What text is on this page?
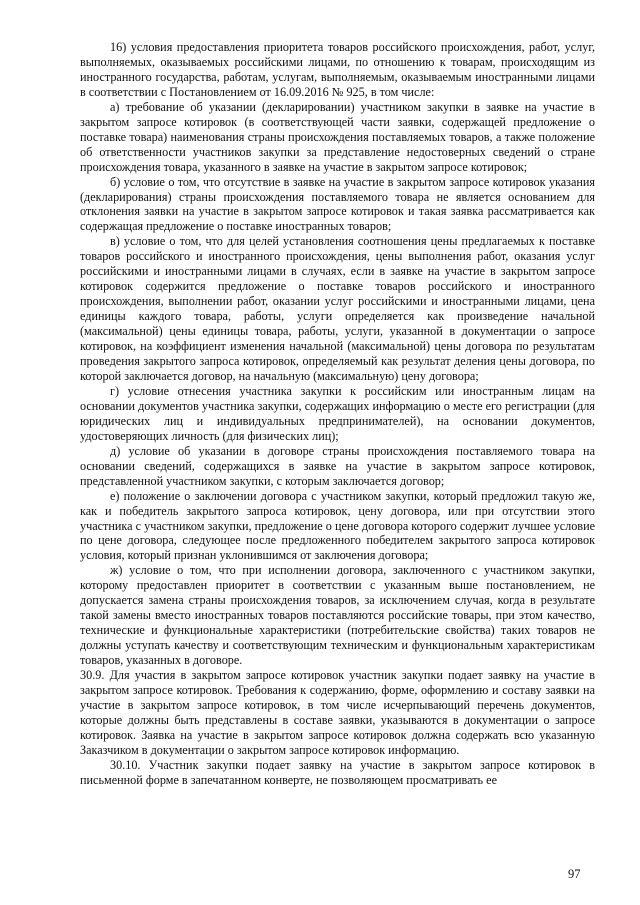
16) условия предоставления приоритета товаров российского происхождения, работ, услуг, выполняемых, оказываемых российскими лицами, по отношению к товарам, происходящим из иностранного государства, работам, услугам, выполняемым, оказываемым иностранными лицами в соответствии с Постановлением от 16.09.2016 № 925, в том числе:

а) требование об указании (декларировании) участником закупки в заявке на участие в закрытом запросе котировок (в соответствующей части заявки, содержащей предложение о поставке товара) наименования страны происхождения поставляемых товаров, а также положение об ответственности участников закупки за представление недостоверных сведений о стране происхождения товара, указанного в заявке на участие в закрытом запросе котировок;

б) условие о том, что отсутствие в заявке на участие в закрытом запросе котировок указания (декларирования) страны происхождения поставляемого товара не является основанием для отклонения заявки на участие в закрытом запросе котировок и такая заявка рассматривается как содержащая предложение о поставке иностранных товаров;

в) условие о том, что для целей установления соотношения цены предлагаемых к поставке товаров российского и иностранного происхождения, цены выполнения работ, оказания услуг российскими и иностранными лицами в случаях, если в заявке на участие в закрытом запросе котировок содержится предложение о поставке товаров российского и иностранного происхождения, выполнении работ, оказании услуг российскими и иностранными лицами, цена единицы каждого товара, работы, услуги определяется как произведение начальной (максимальной) цены единицы товара, работы, услуги, указанной в документации о запросе котировок, на коэффициент изменения начальной (максимальной) цены договора по результатам проведения закрытого запроса котировок, определяемый как результат деления цены договора, по которой заключается договор, на начальную (максимальную) цену договора;

г) условие отнесения участника закупки к российским или иностранным лицам на основании документов участника закупки, содержащих информацию о месте его регистрации (для юридических лиц и индивидуальных предпринимателей), на основании документов, удостоверяющих личность (для физических лиц);

д) условие об указании в договоре страны происхождения поставляемого товара на основании сведений, содержащихся в заявке на участие в закрытом запросе котировок, представленной участником закупки, с которым заключается договор;

е) положение о заключении договора с участником закупки, который предложил такую же, как и победитель закрытого запроса котировок, цену договора, или при отсутствии этого участника с участником закупки, предложение о цене договора которого содержит лучшее условие по цене договора, следующее после предложенного победителем закрытого запроса котировок условия, который признан уклонившимся от заключения договора;

ж) условие о том, что при исполнении договора, заключенного с участником закупки, которому предоставлен приоритет в соответствии с указанным выше постановлением, не допускается замена страны происхождения товаров, за исключением случая, когда в результате такой замены вместо иностранных товаров поставляются российские товары, при этом качество, технические и функциональные характеристики (потребительские свойства) таких товаров не должны уступать качеству и соответствующим техническим и функциональным характеристикам товаров, указанных в договоре.

30.9. Для участия в закрытом запросе котировок участник закупки подает заявку на участие в закрытом запросе котировок. Требования к содержанию, форме, оформлению и составу заявки на участие в закрытом запросе котировок, в том числе исчерпывающий перечень документов, которые должны быть представлены в составе заявки, указываются в документации о запросе котировок. Заявка на участие в закрытом запросе котировок должна содержать всю указанную Заказчиком в документации о закрытом запросе котировок информацию.

30.10. Участник закупки подает заявку на участие в закрытом запросе котировок в письменной форме в запечатанном конверте, не позволяющем просматривать ее

97
